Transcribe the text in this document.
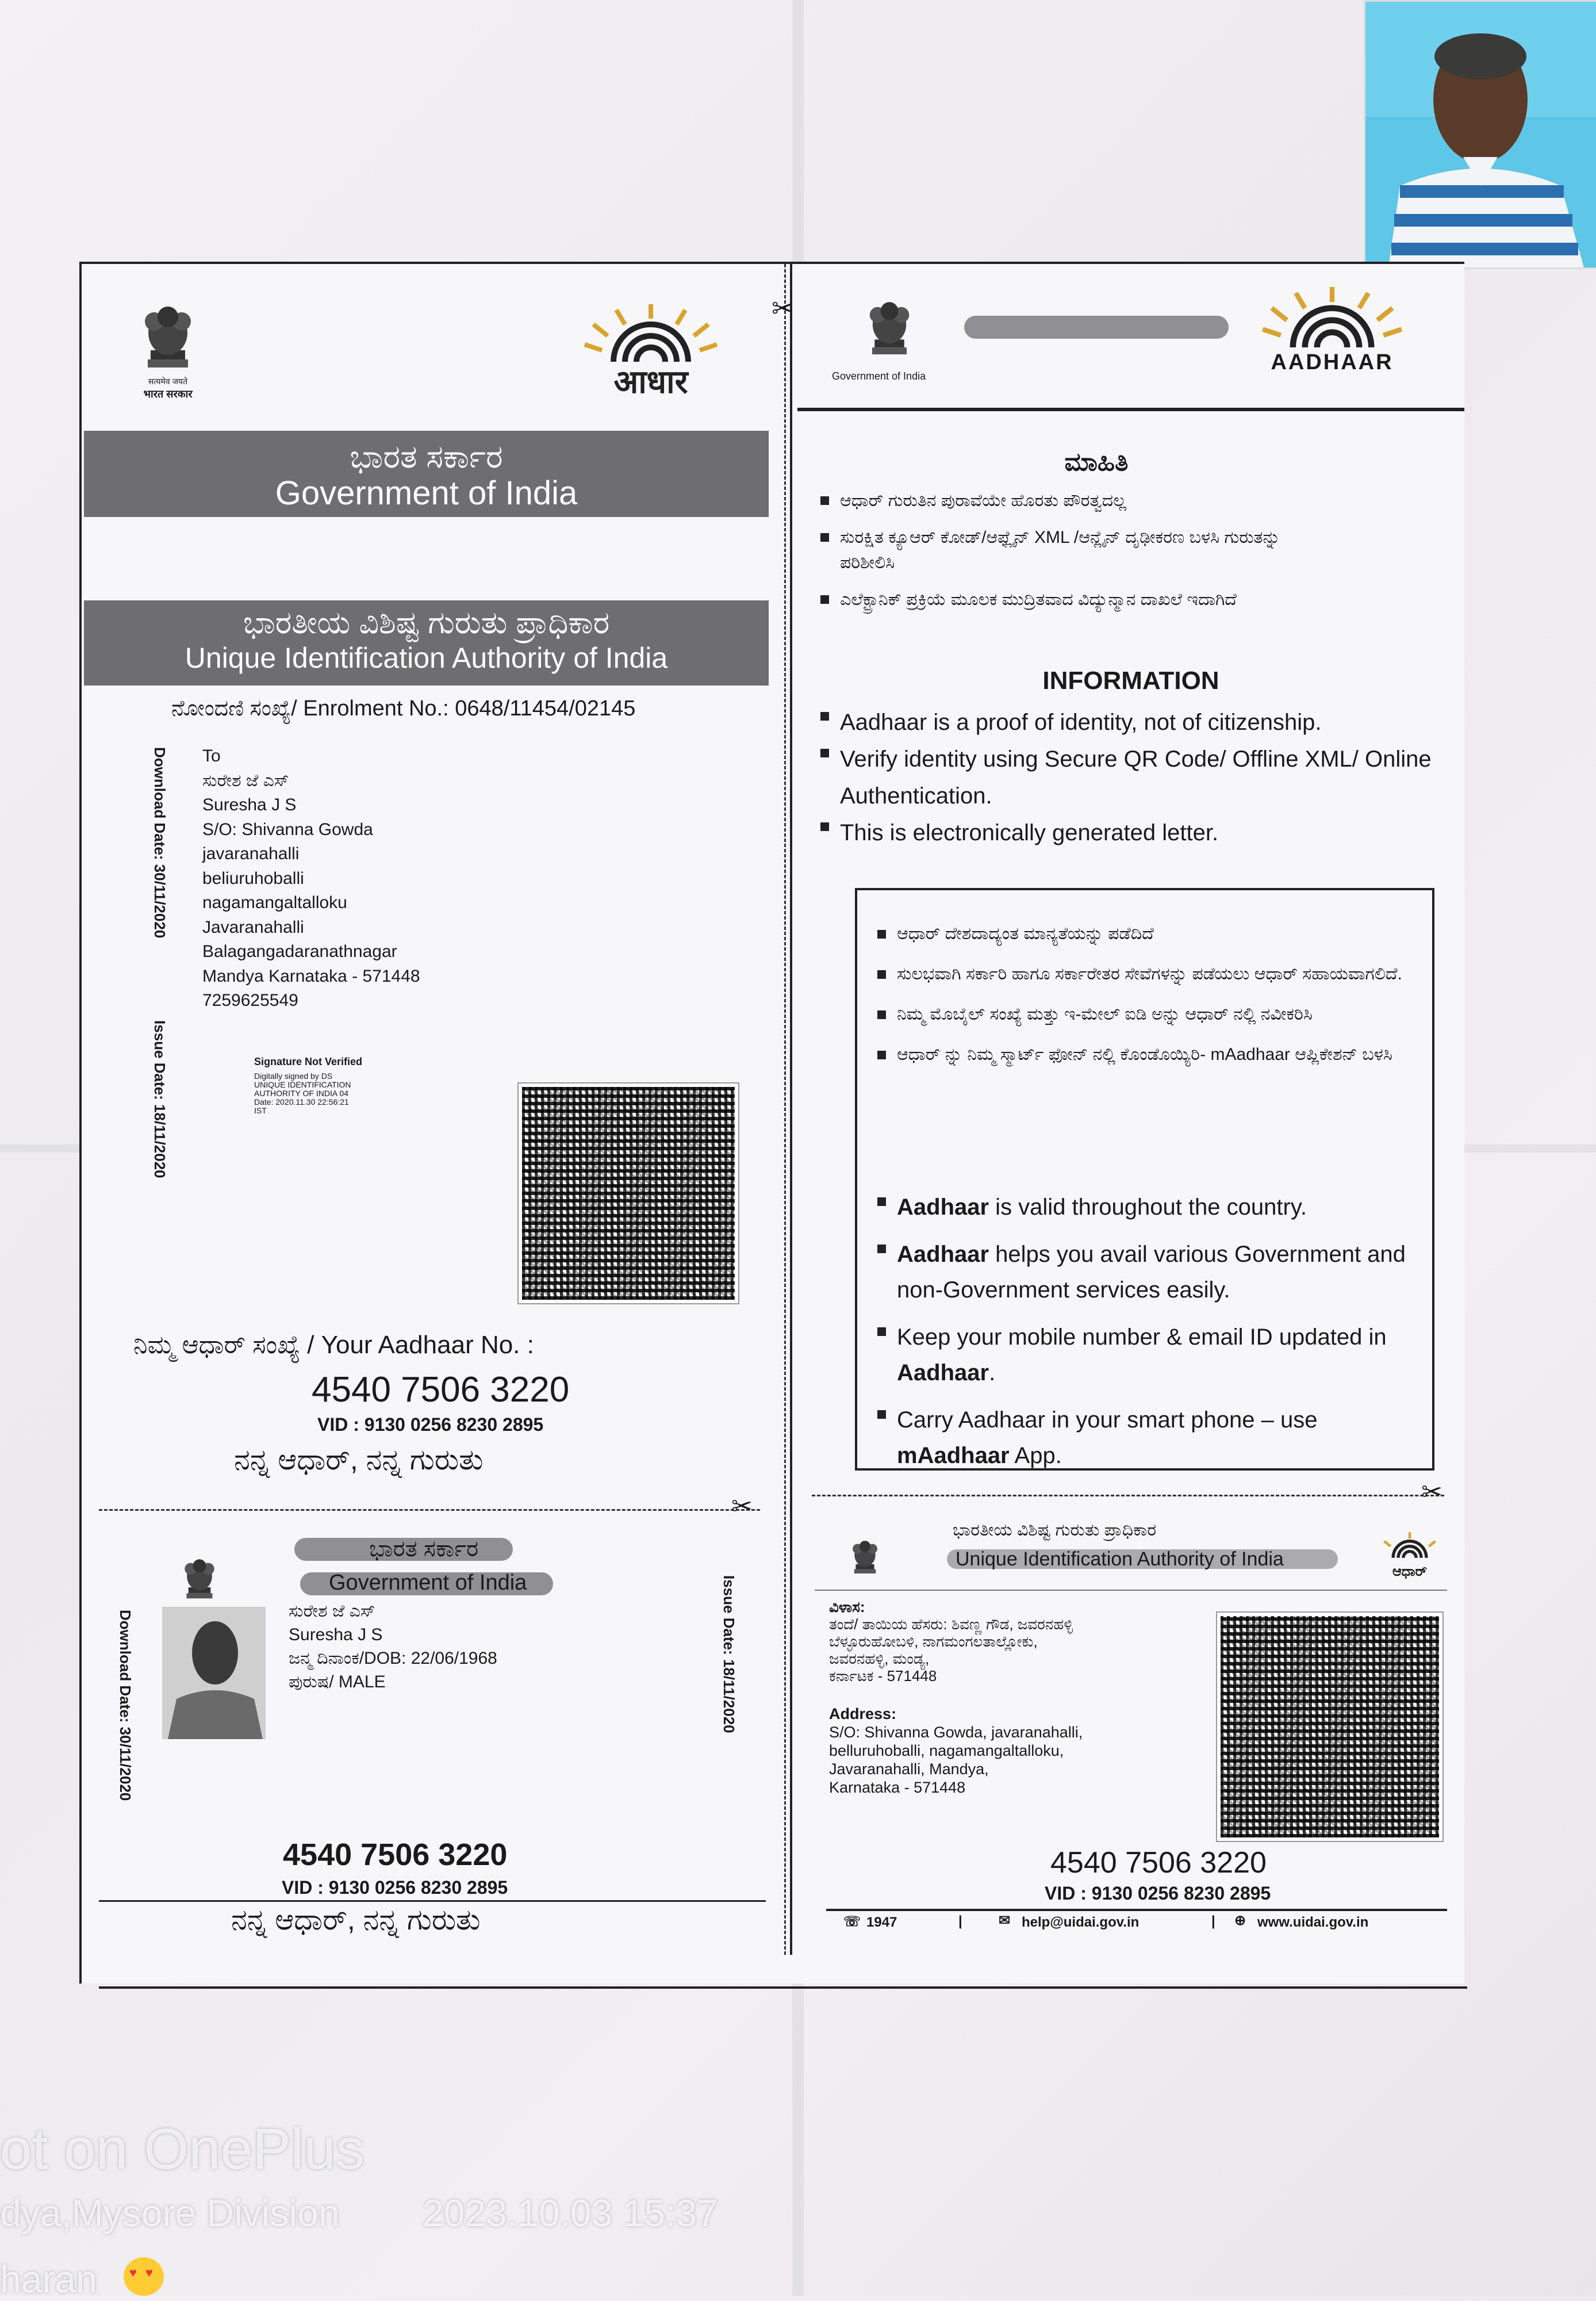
सत्यमेव जयते
भारत सरकार	आधार
ಭಾರತ ಸರ್ಕಾರ
Government of India
ಭಾರತೀಯ ವಿಶಿಷ್ಟ ಗುರುತು ಪ್ರಾಧಿಕಾರ
Unique Identification Authority of India
ನೋಂದಣಿ ಸಂಖ್ಯೆ/ Enrolment No.: 0648/11454/02145
Download Date: 30/11/2020
Issue Date: 18/11/2020
To
ಸುರೇಶ ಜೆ ಎಸ್
Suresha J S
S/O: Shivanna Gowda
javaranahalli
beliuruhoballi
nagamangaltalloku
Javaranahalli
Balagangadaranathnagar
Mandya Karnataka - 571448
7259625549
Signature Not Verified
Digitally signed by DS
UNIQUE IDENTIFICATION
AUTHORITY OF INDIA 04
Date: 2020.11.30 22:56:21
IST
ನಿಮ್ಮ ಆಧಾರ್ ಸಂಖ್ಯೆ / Your Aadhaar No. :
4540 7506 3220
VID : 9130 0256 8230 2895
ನನ್ನ ಆಧಾರ್, ನನ್ನ ಗುರುತು
✂
Government of India
AADHAAR
ಮಾಹಿತಿ
ಆಧಾರ್ ಗುರುತಿನ ಪುರಾವೆಯೇ ಹೊರತು ಪೌರತ್ವದಲ್ಲ
ಸುರಕ್ಷಿತ ಕ್ಯೂಆರ್ ಕೋಡ್/ಆಫ್ಲೈನ್ XML /ಆನ್ಲೈನ್ ದೃಢೀಕರಣ ಬಳಸಿ ಗುರುತನ್ನು ಪರಿಶೀಲಿಸಿ
ಎಲೆಕ್ಟ್ರಾನಿಕ್ ಪ್ರಕ್ರಿಯೆ ಮೂಲಕ ಮುದ್ರಿತವಾದ ವಿದ್ಯುನ್ಮಾನ ದಾಖಲೆ ಇದಾಗಿದೆ
INFORMATION
Aadhaar is a proof of identity, not of citizenship.
Verify identity using Secure QR Code/ Offline XML/ Online Authentication.
This is electronically generated letter.
ಆಧಾರ್ ದೇಶದಾದ್ಯಂತ ಮಾನ್ಯತೆಯನ್ನು ಪಡೆದಿದೆ
ಸುಲಭವಾಗಿ ಸರ್ಕಾರಿ ಹಾಗೂ ಸರ್ಕಾರೇತರ ಸೇವೆಗಳನ್ನು ಪಡೆಯಲು ಆಧಾರ್ ಸಹಾಯವಾಗಲಿದೆ.
ನಿಮ್ಮ ಮೊಬೈಲ್ ಸಂಖ್ಯೆ ಮತ್ತು ಇ-ಮೇಲ್ ಐಡಿ ಅನ್ನು ಆಧಾರ್ ನಲ್ಲಿ ನವೀಕರಿಸಿ
ಆಧಾರ್ ನ್ನು ನಿಮ್ಮ ಸ್ಮಾರ್ಟ್ ಫೋನ್ ನಲ್ಲಿ ಕೊಂಡೊಯ್ಯಿರಿ- mAadhaar ಆಪ್ಲಿಕೇಶನ್ ಬಳಸಿ
Aadhaar is valid throughout the country.
Aadhaar helps you avail various Government and non-Government services easily.
Keep your mobile number & email ID updated in Aadhaar.
Carry Aadhaar in your smart phone – use mAadhaar App.
✂
✂
ಭಾರತ ಸರ್ಕಾರ
Government of India
Download Date: 30/11/2020	Issue Date: 18/11/2020
ಸುರೇಶ ಜೆ ಎಸ್
Suresha J S
ಜನ್ಮ ದಿನಾಂಕ/DOB: 22/06/1968
ಪುರುಷ/ MALE
4540 7506 3220
VID : 9130 0256 8230 2895
ನನ್ನ ಆಧಾರ್, ನನ್ನ ಗುರುತು
ಭಾರತೀಯ ವಿಶಿಷ್ಟ ಗುರುತು ಪ್ರಾಧಿಕಾರ
Unique Identification Authority of India
ಆಧಾರ್
ವಿಳಾಸ:
ತಂದೆ/ ತಾಯಿಯ ಹೆಸರು: ಶಿವಣ್ಣ ಗೌಡ, ಜವರನಹಳ್ಳಿ
ಬೆಳ್ಳೂರುಹೋಬಳಿ, ನಾಗಮಂಗಲತಾಲ್ಲೋಕು,
ಜವರನಹಳ್ಳಿ, ಮಂಡ್ಯ,
ಕರ್ನಾಟಕ - 571448
Address:
S/O: Shivanna Gowda, javaranahalli,
belluruhoballi, nagamangaltalloku,
Javaranahalli, Mandya,
Karnataka - 571448
4540 7506 3220
VID : 9130 0256 8230 2895
☏ 1947	|	✉ help@uidai.gov.in	| ⊕ www.uidai.gov.in
ot on OnePlus
dya,Mysore Division 2023.10.03 15:37
haran	♥ ♥
